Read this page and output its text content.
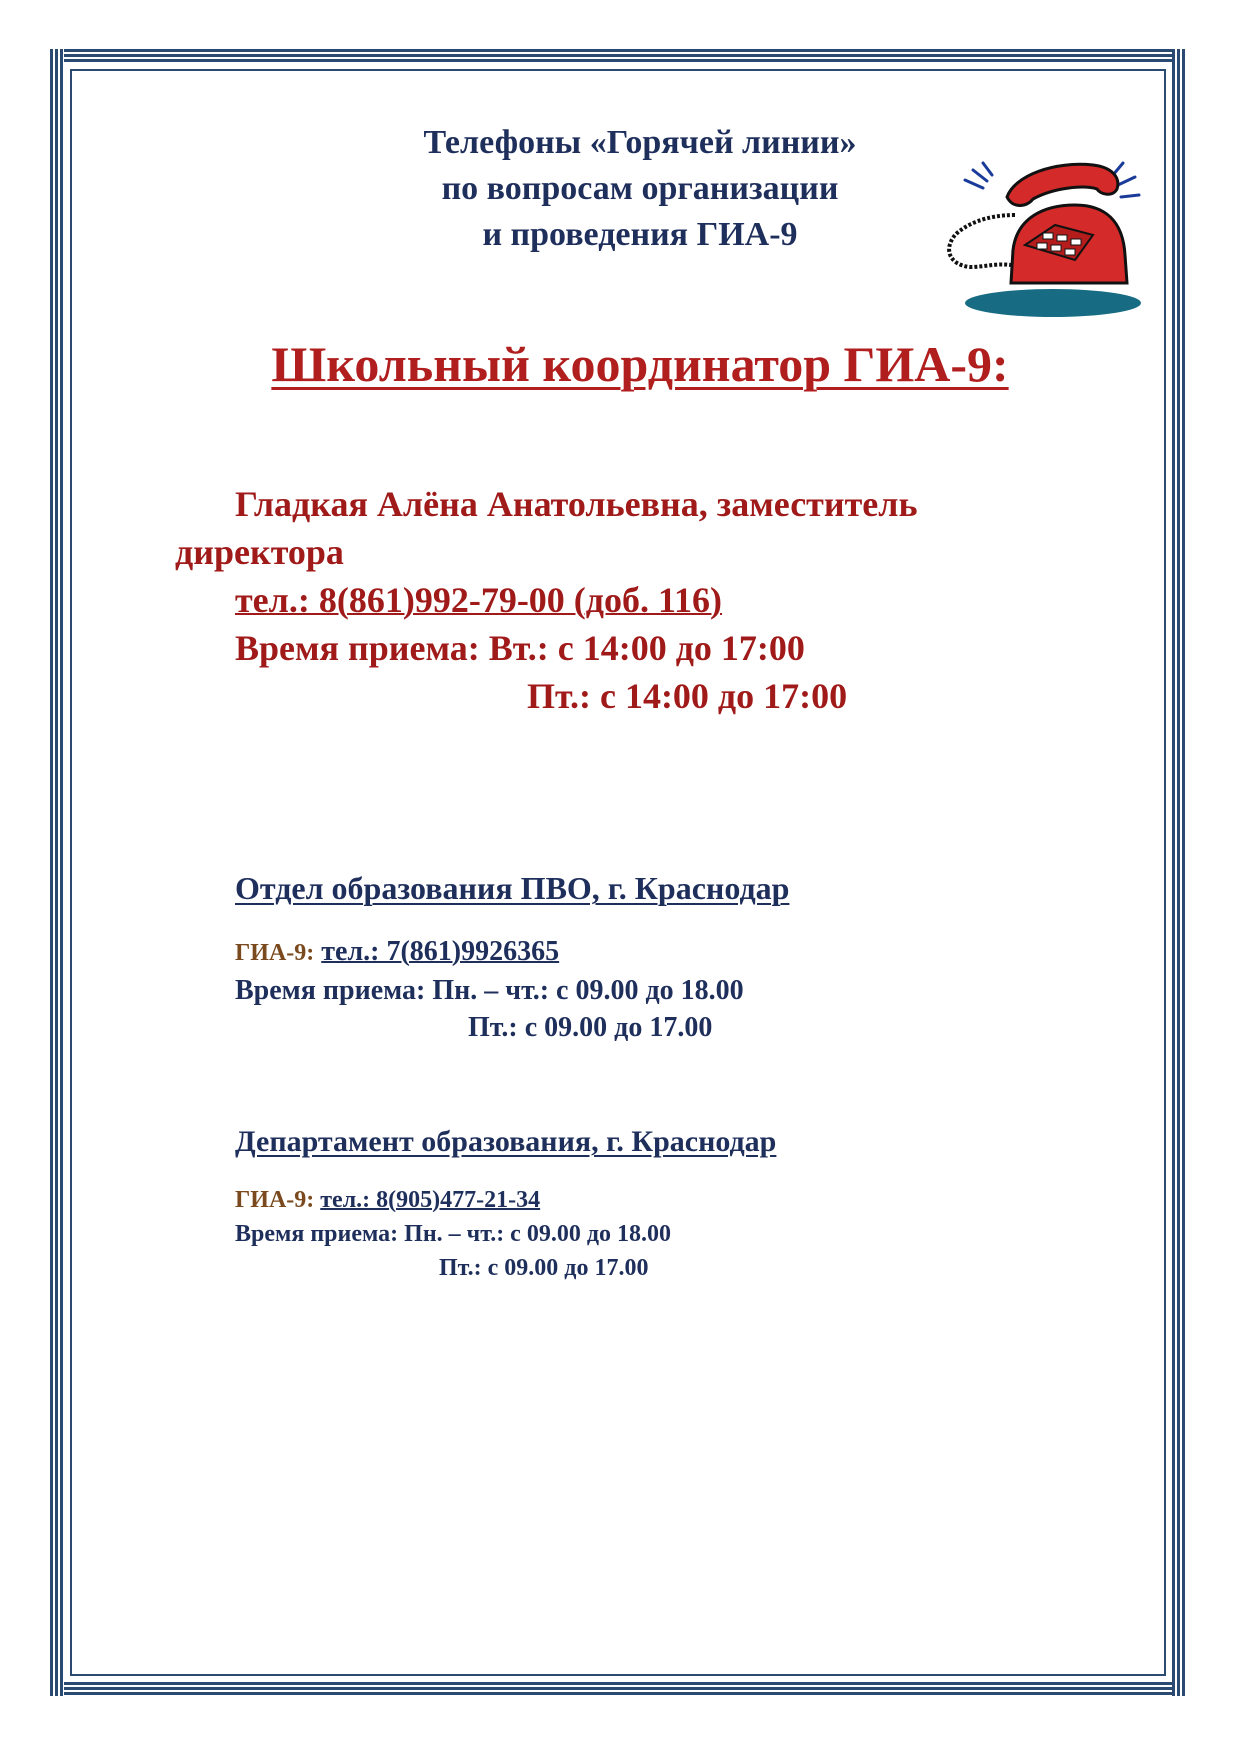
Телефоны «Горячей линии»
по вопросам организации
и проведения ГИА-9
Школьный координатор ГИА-9:
Гладкая Алёна Анатольевна, заместитель
директора
тел.: 8(861)992-79-00 (доб. 116)
Время приема: Вт.: с 14:00 до 17:00
Пт.: с 14:00 до 17:00
Отдел образования ПВО, г. Краснодар
ГИА-9: тел.: 7(861)9926365
Время приема: Пн. – чт.: с 09.00 до 18.00
Пт.: с 09.00 до 17.00
Департамент образования, г. Краснодар
ГИА-9: тел.: 8(905)477-21-34
Время приема: Пн. – чт.: с 09.00 до 18.00
Пт.: с 09.00 до 17.00
